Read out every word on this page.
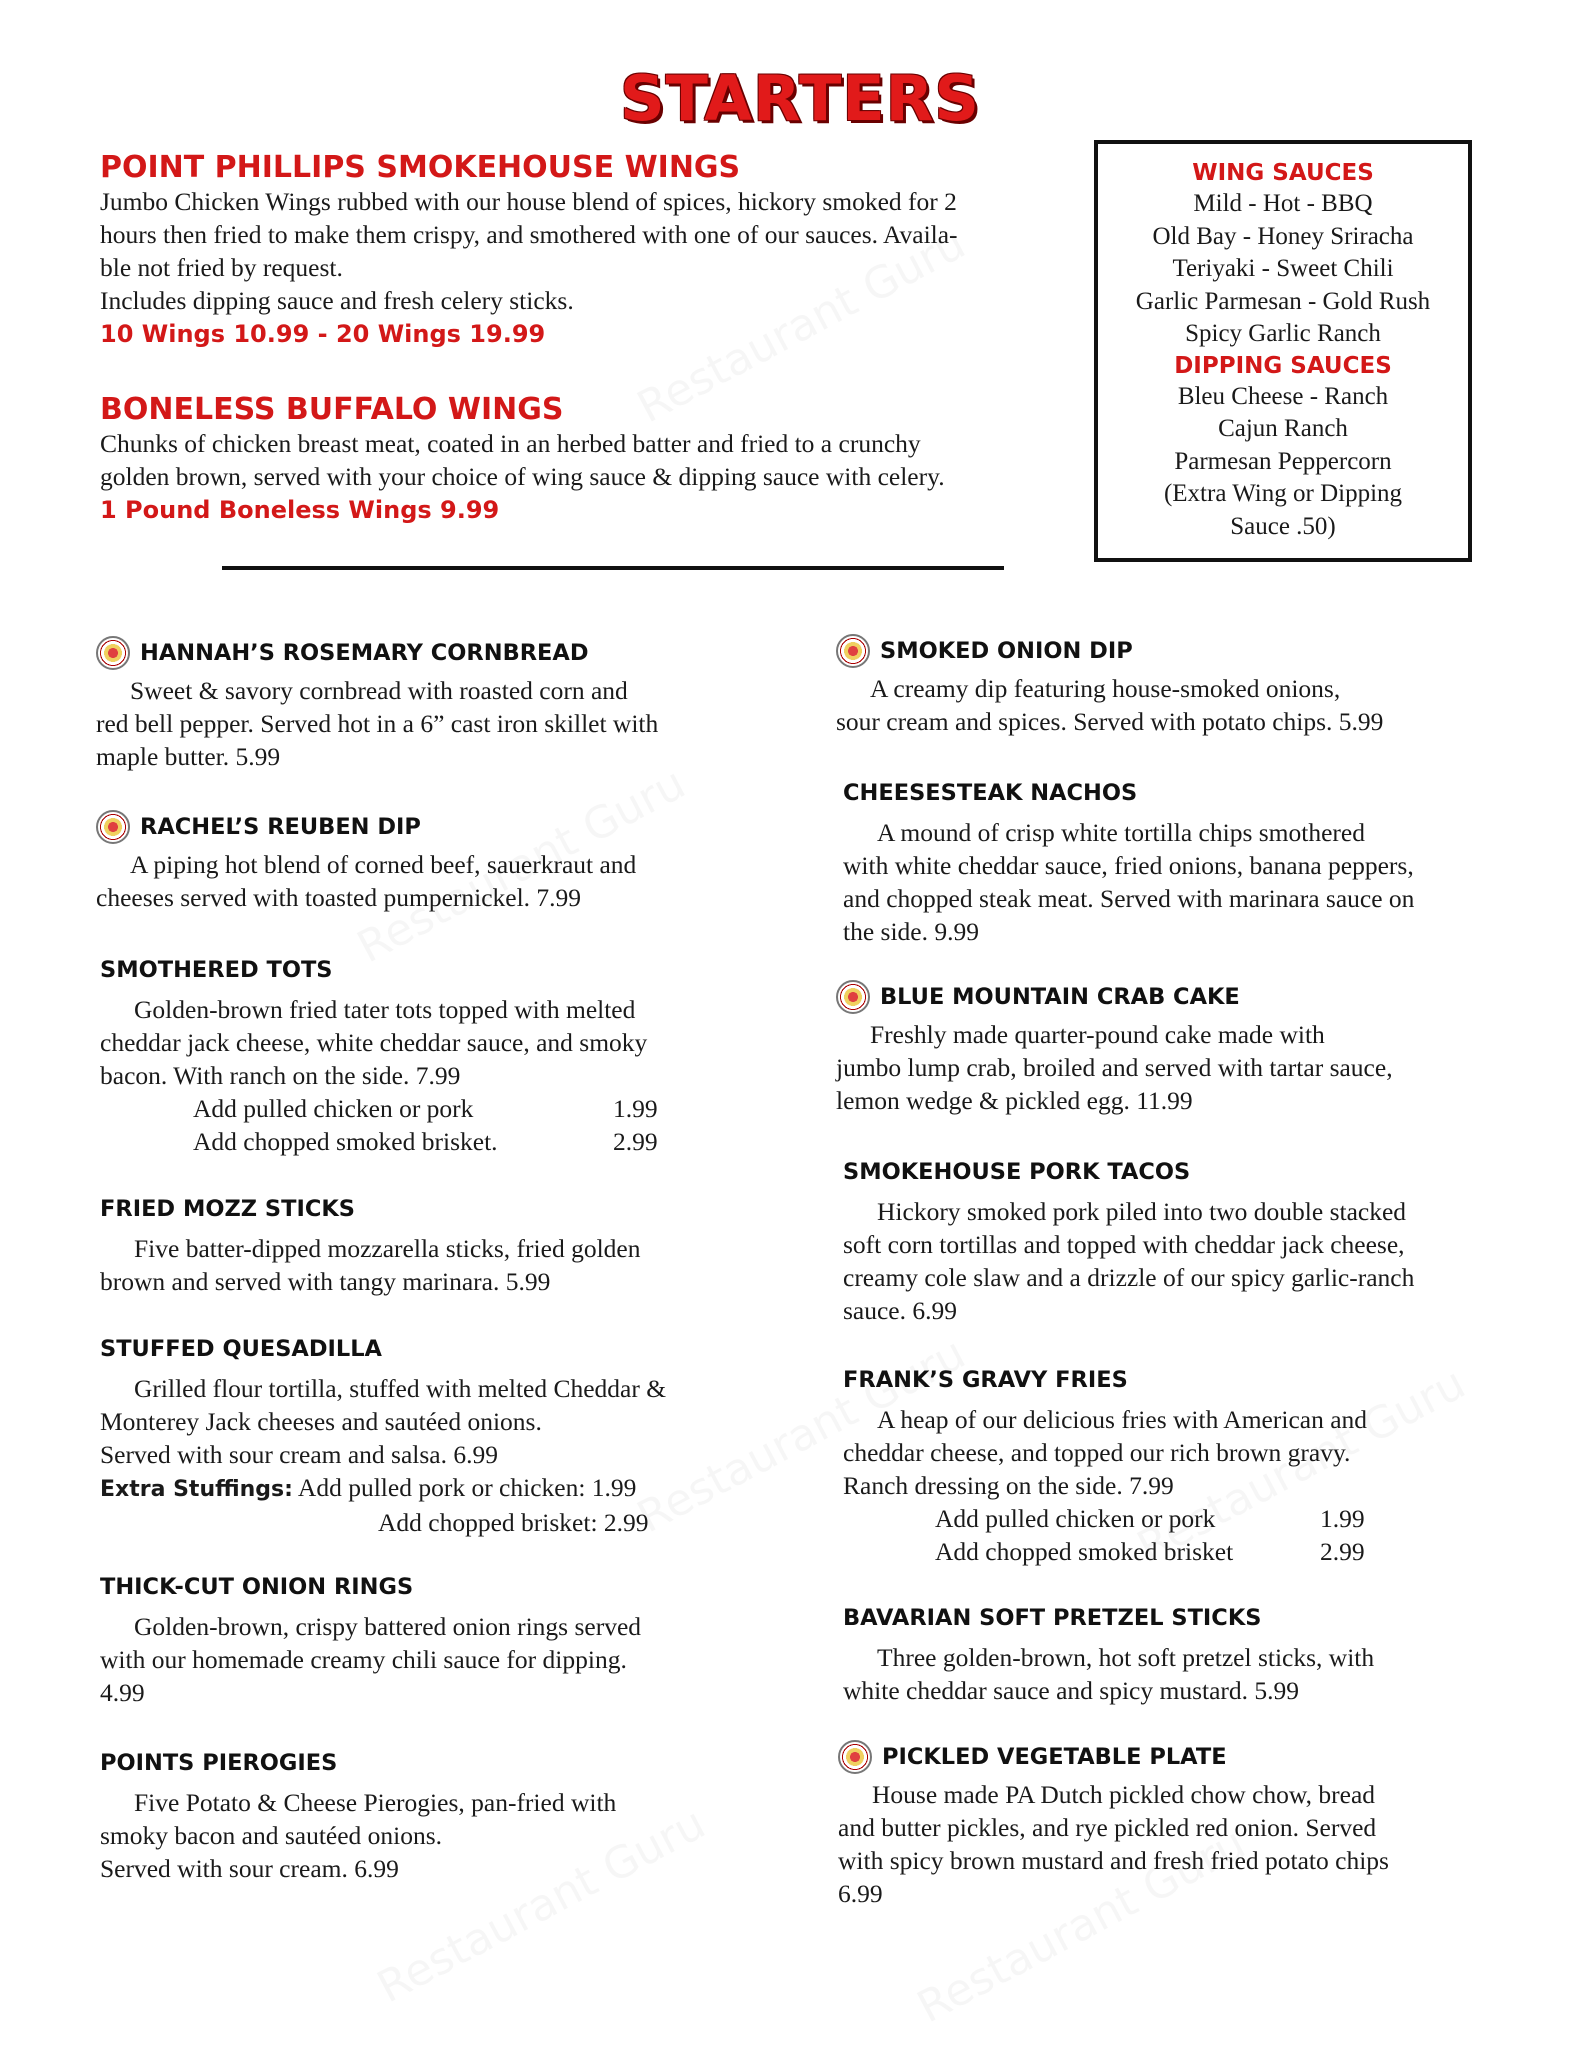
STARTERS
POINT PHILLIPS SMOKEHOUSE WINGS

Jumbo Chicken Wings rubbed with our house blend of spices, hickory smoked for 2

hours then fried to make them crispy, and smothered with one of our sauces. Availa-

ble not fried by request.

Includes dipping sauce and fresh celery sticks.

10 Wings 10.99 - 20 Wings 19.99

BONELESS BUFFALO WINGS

Chunks of chicken breast meat, coated in an herbed batter and fried to a crunchy

golden brown, served with your choice of wing sauce & dipping sauce with celery.

1 Pound Boneless Wings 9.99

WING SAUCES
Mild - Hot - BBQ
Old Bay - Honey Sriracha
Teriyaki - Sweet Chili
Garlic Parmesan - Gold Rush
Spicy Garlic Ranch
DIPPING SAUCES
Bleu Cheese - Ranch
Cajun Ranch
Parmesan Peppercorn
(Extra Wing or Dipping
Sauce .50)
HANNAH’S ROSEMARY CORNBREAD

Sweet & savory cornbread with roasted corn and

red bell pepper. Served hot in a 6” cast iron skillet with

maple butter. 5.99

RACHEL’S REUBEN DIP

A piping hot blend of corned beef, sauerkraut and

cheeses served with toasted pumpernickel. 7.99

SMOTHERED TOTS

Golden-brown fried tater tots topped with melted

cheddar jack cheese, white cheddar sauce, and smoky

bacon. With ranch on the side. 7.99

Add pulled chicken or pork	1.99
Add chopped smoked brisket.	2.99
FRIED MOZZ STICKS

Five batter-dipped mozzarella sticks, fried golden

brown and served with tangy marinara. 5.99

STUFFED QUESADILLA

Grilled flour tortilla, stuffed with melted Cheddar &

Monterey Jack cheeses and sautéed onions.

Served with sour cream and salsa. 6.99

Extra Stuffings: Add pulled pork or chicken: 1.99

Add chopped brisket: 2.99

THICK-CUT ONION RINGS

Golden-brown, crispy battered onion rings served

with our homemade creamy chili sauce for dipping.

4.99

POINTS PIEROGIES

Five Potato & Cheese Pierogies, pan-fried with

smoky bacon and sautéed onions.

Served with sour cream. 6.99

SMOKED ONION DIP

A creamy dip featuring house-smoked onions,

sour cream and spices. Served with potato chips. 5.99

CHEESESTEAK NACHOS

A mound of crisp white tortilla chips smothered

with white cheddar sauce, fried onions, banana peppers,

and chopped steak meat. Served with marinara sauce on

the side. 9.99

BLUE MOUNTAIN CRAB CAKE

Freshly made quarter-pound cake made with

jumbo lump crab, broiled and served with tartar sauce,

lemon wedge & pickled egg. 11.99

SMOKEHOUSE PORK TACOS

Hickory smoked pork piled into two double stacked

soft corn tortillas and topped with cheddar jack cheese,

creamy cole slaw and a drizzle of our spicy garlic-ranch

sauce. 6.99

FRANK’S GRAVY FRIES

A heap of our delicious fries with American and

cheddar cheese, and topped our rich brown gravy.

Ranch dressing on the side. 7.99

Add pulled chicken or pork	1.99
Add chopped smoked brisket	2.99
BAVARIAN SOFT PRETZEL STICKS

Three golden-brown, hot soft pretzel sticks, with

white cheddar sauce and spicy mustard. 5.99

PICKLED VEGETABLE PLATE

House made PA Dutch pickled chow chow, bread

and butter pickles, and rye pickled red onion. Served

with spicy brown mustard and fresh fried potato chips

6.99
